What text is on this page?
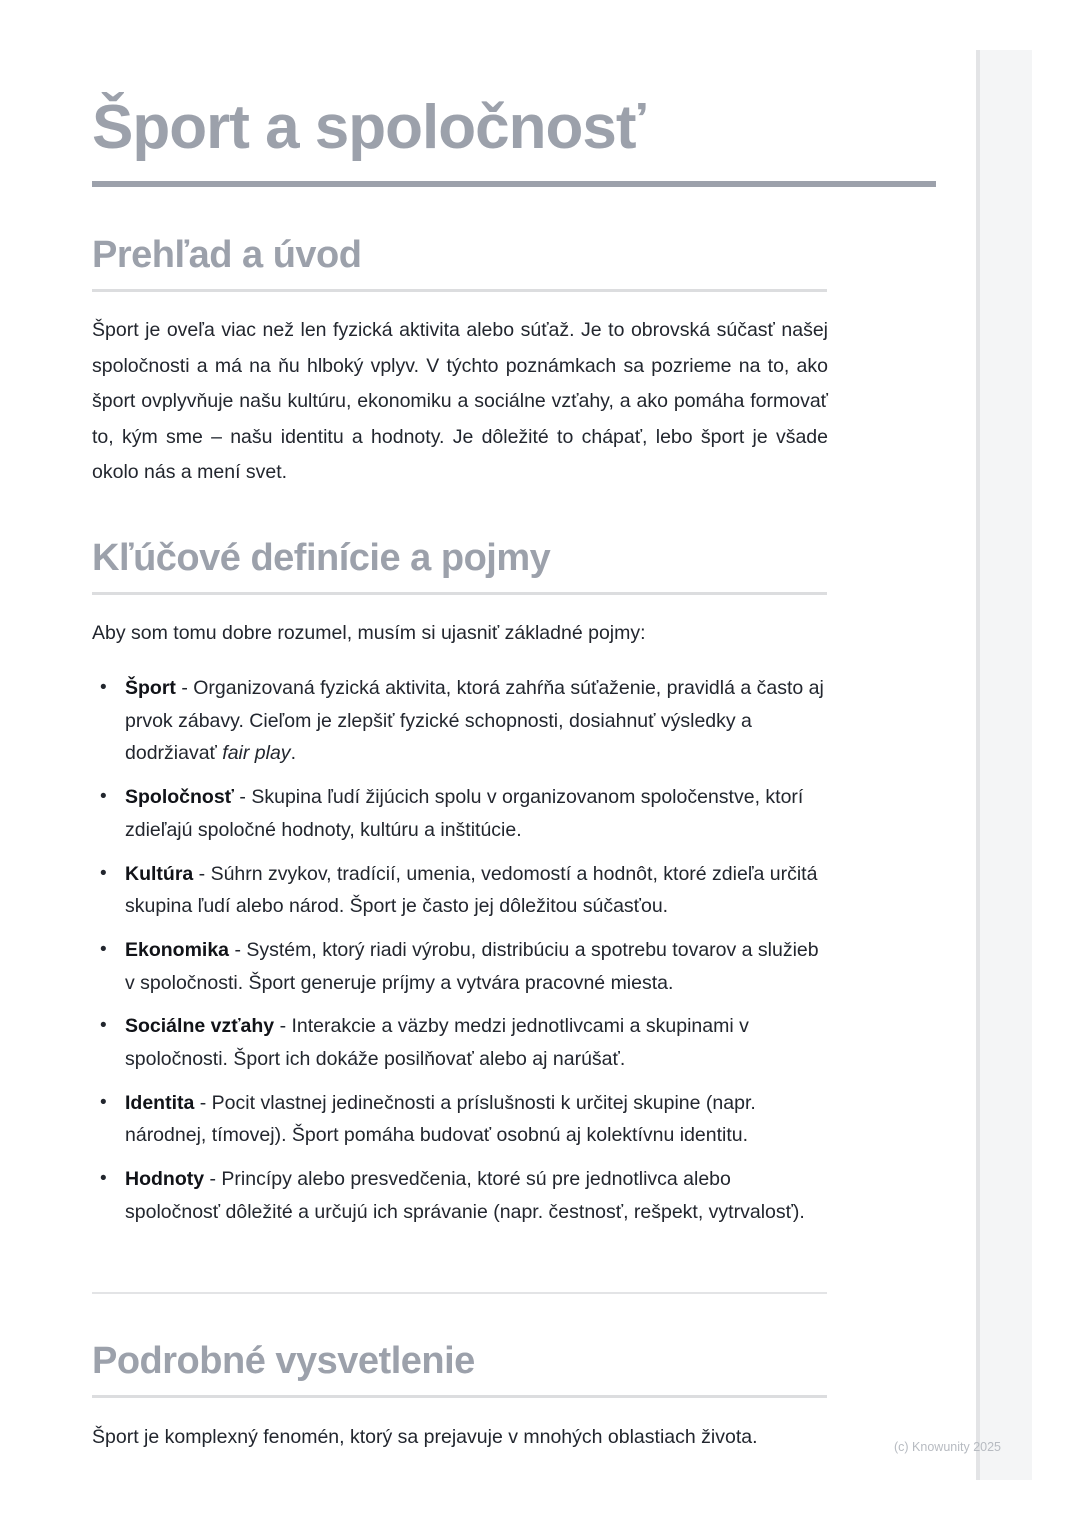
Šport a spoločnosť
Prehľad a úvod

Šport je oveľa viac než len fyzická aktivita alebo súťaž. Je to obrovská súčasť našej spoločnosti a má na ňu hlboký vplyv. V týchto poznámkach sa pozrieme na to, ako šport ovplyvňuje našu kultúru, ekonomiku a sociálne vzťahy, a ako pomáha formovať to, kým sme – našu identitu a hodnoty. Je dôležité to chápať, lebo šport je všade okolo nás a mení svet.

Kľúčové definície a pojmy

Aby som tomu dobre rozumel, musím si ujasniť základné pojmy:

• Šport - Organizovaná fyzická aktivita, ktorá zahŕňa súťaženie, pravidlá a často aj prvok zábavy. Cieľom je zlepšiť fyzické schopnosti, dosiahnuť výsledky a dodržiavať fair play.
• Spoločnosť - Skupina ľudí žijúcich spolu v organizovanom spoločenstve, ktorí zdieľajú spoločné hodnoty, kultúru a inštitúcie.
• Kultúra - Súhrn zvykov, tradícií, umenia, vedomostí a hodnôt, ktoré zdieľa určitá skupina ľudí alebo národ. Šport je často jej dôležitou súčasťou.
• Ekonomika - Systém, ktorý riadi výrobu, distribúciu a spotrebu tovarov a služieb v spoločnosti. Šport generuje príjmy a vytvára pracovné miesta.
• Sociálne vzťahy - Interakcie a väzby medzi jednotlivcami a skupinami v spoločnosti. Šport ich dokáže posilňovať alebo aj narúšať.
• Identita - Pocit vlastnej jedinečnosti a príslušnosti k určitej skupine (napr. národnej, tímovej). Šport pomáha budovať osobnú aj kolektívnu identitu.
• Hodnoty - Princípy alebo presvedčenia, ktoré sú pre jednotlivca alebo spoločnosť dôležité a určujú ich správanie (napr. čestnosť, rešpekt, vytrvalosť).
Podrobné vysvetlenie

Šport je komplexný fenomén, ktorý sa prejavuje v mnohých oblastiach života.	(c) Knowunity 2025
